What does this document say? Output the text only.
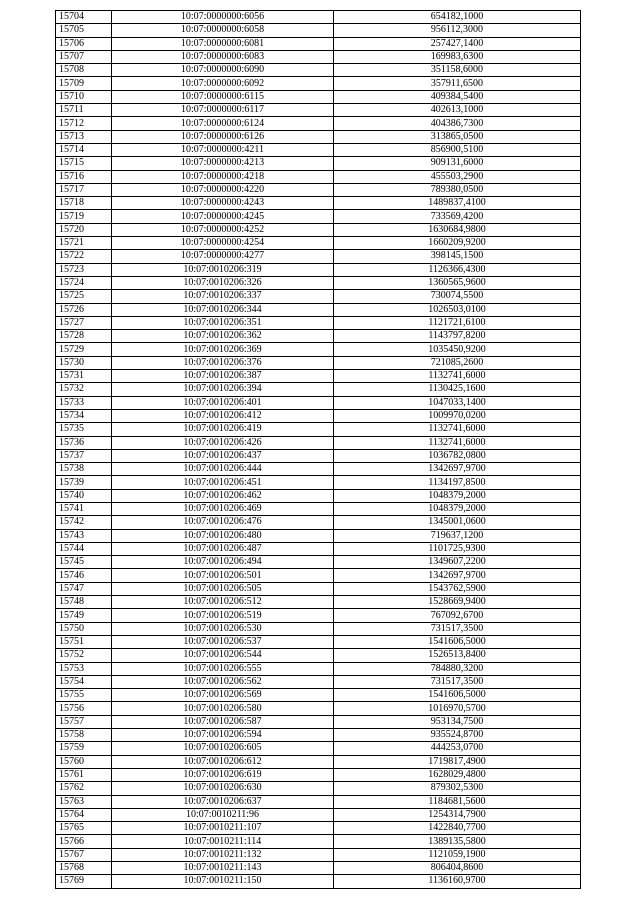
15704	10:07:0000000:6056	654182,1000
15705	10:07:0000000:6058	956112,3000
15706	10:07:0000000:6081	257427,1400
15707	10:07:0000000:6083	169983,6300
15708	10:07:0000000:6090	351158,6000
15709	10:07:0000000:6092	357911,6500
15710	10:07:0000000:6115	409384,5400
15711	10:07:0000000:6117	402613,1000
15712	10:07:0000000:6124	404386,7300
15713	10:07:0000000:6126	313865,0500
15714	10:07:0000000:4211	856900,5100
15715	10:07:0000000:4213	909131,6000
15716	10:07:0000000:4218	455503,2900
15717	10:07:0000000:4220	789380,0500
15718	10:07:0000000:4243	1489837,4100
15719	10:07:0000000:4245	733569,4200
15720	10:07:0000000:4252	1630684,9800
15721	10:07:0000000:4254	1660209,9200
15722	10:07:0000000:4277	398145,1500
15723	10:07:0010206:319	1126366,4300
15724	10:07:0010206:326	1360565,9600
15725	10:07:0010206:337	730074,5500
15726	10:07:0010206:344	1026503,0100
15727	10:07:0010206:351	1121721,6100
15728	10:07:0010206:362	1143797,8200
15729	10:07:0010206:369	1035450,9200
15730	10:07:0010206:376	721085,2600
15731	10:07:0010206:387	1132741,6000
15732	10:07:0010206:394	1130425,1600
15733	10:07:0010206:401	1047033,1400
15734	10:07:0010206:412	1009970,0200
15735	10:07:0010206:419	1132741,6000
15736	10:07:0010206:426	1132741,6000
15737	10:07:0010206:437	1036782,0800
15738	10:07:0010206:444	1342697,9700
15739	10:07:0010206:451	1134197,8500
15740	10:07:0010206:462	1048379,2000
15741	10:07:0010206:469	1048379,2000
15742	10:07:0010206:476	1345001,0600
15743	10:07:0010206:480	719637,1200
15744	10:07:0010206:487	1101725,9300
15745	10:07:0010206:494	1349607,2200
15746	10:07:0010206:501	1342697,9700
15747	10:07:0010206:505	1543762,5900
15748	10:07:0010206:512	1528669,9400
15749	10:07:0010206:519	767092,6700
15750	10:07:0010206:530	731517,3500
15751	10:07:0010206:537	1541606,5000
15752	10:07:0010206:544	1526513,8400
15753	10:07:0010206:555	784880,3200
15754	10:07:0010206:562	731517,3500
15755	10:07:0010206:569	1541606,5000
15756	10:07:0010206:580	1016970,5700
15757	10:07:0010206:587	953134,7500
15758	10:07:0010206:594	935524,8700
15759	10:07:0010206:605	444253,0700
15760	10:07:0010206:612	1719817,4900
15761	10:07:0010206:619	1628029,4800
15762	10:07:0010206:630	879302,5300
15763	10:07:0010206:637	1184681,5600
15764	10:07:0010211:96	1254314,7900
15765	10:07:0010211:107	1422840,7700
15766	10:07:0010211:114	1389135,5800
15767	10:07:0010211:132	1121059,1900
15768	10:07:0010211:143	806404,8600
15769	10:07:0010211:150	1136160,9700
